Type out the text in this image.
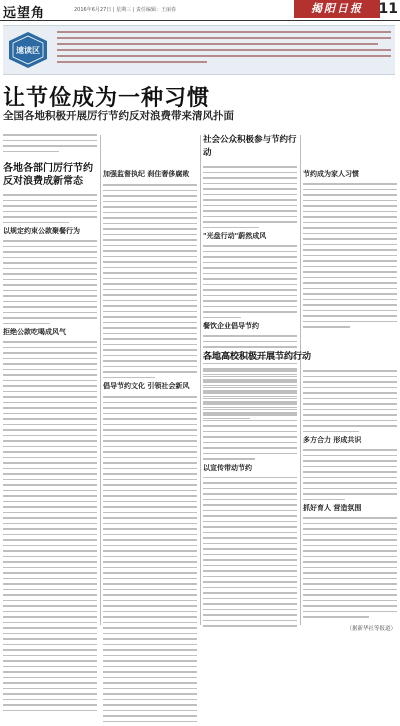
远望角	2016年6月27日 | 星期三 | 责任编辑：王丽春	揭阳日报	11
速读区
让节俭成为一种习惯
全国各地积极开展厉行节约反对浪费带来清风扑面
各地各部门厉行节约反对浪费成新常态
以规定约束公款聚餐行为
拒绝公款吃喝成风气
加强监督执纪 刹住奢侈腐败
倡导节约文化 引领社会新风
社会公众积极参与节约行动
"光盘行动"蔚然成风
餐饮企业倡导节约
各地高校积极开展节约行动
以宣传带动节约
节约成为家人习惯
多方合力 形成共识
抓好育人 营造氛围
（据新华社等报道）
